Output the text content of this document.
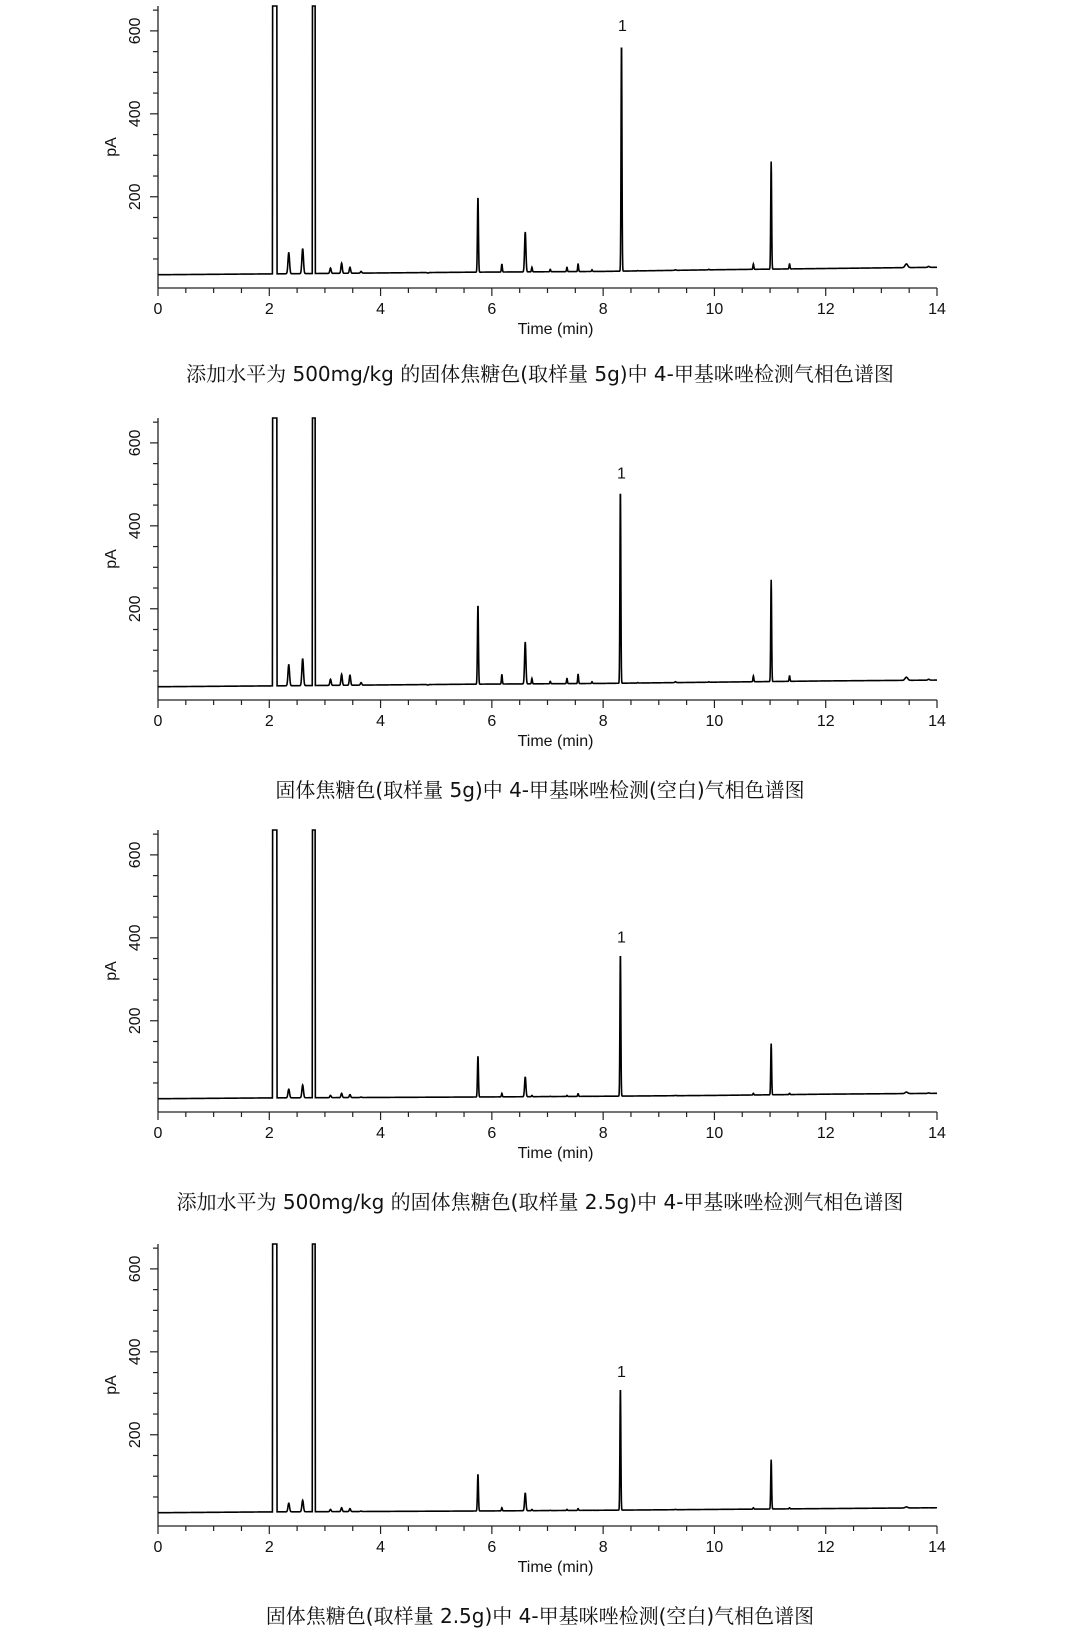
0	2	4	6	8	10	12	14
200
400
600
Time (min)
pA
1
添加水平为 500mg/kg 的固体焦糖色(取样量 5g)中 4-甲基咪唑检测气相色谱图
0	2	4	6	8	10	12	14
200
400
600
Time (min)
pA
1
固体焦糖色(取样量 5g)中 4-甲基咪唑检测(空白)气相色谱图
0	2	4	6	8	10	12	14
200
400
600
Time (min)
pA
1
添加水平为 500mg/kg 的固体焦糖色(取样量 2.5g)中 4-甲基咪唑检测气相色谱图
0	2	4	6	8	10	12	14
200
400
600
Time (min)
pA
1
固体焦糖色(取样量 2.5g)中 4-甲基咪唑检测(空白)气相色谱图
